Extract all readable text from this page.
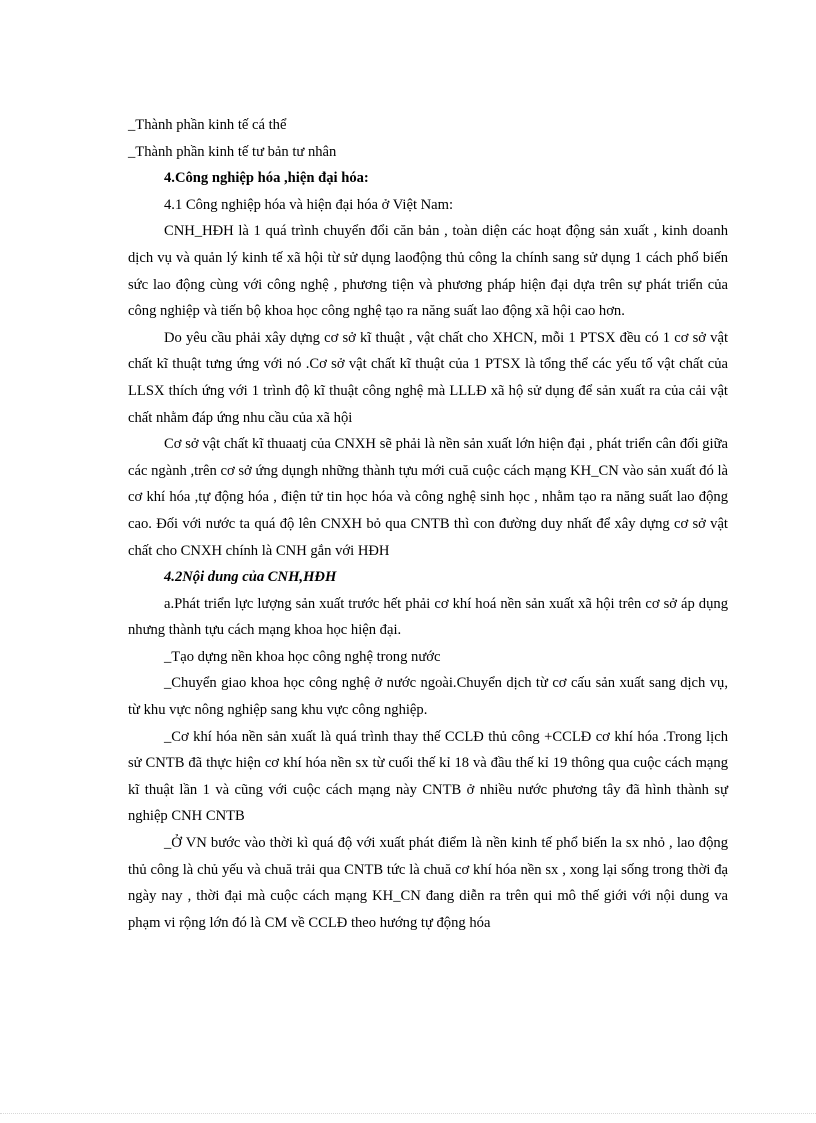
_Thành phần kinh tế cá thể

_Thành phần kinh tế tư bản tư nhân

4.Công nghiệp hóa ,hiện đại hóa:

4.1 Công nghiệp hóa và hiện đại hóa ở Việt Nam:

CNH_HĐH là 1 quá trình chuyển đổi căn bản , toàn diện các hoạt động sản xuất , kinh doanh dịch vụ và quản lý kinh tế xã hội từ sử dụng laođộng thủ công la chính sang sử dụng 1 cách phổ biến sức lao động cùng với công nghệ , phương tiện và phương pháp hiện đại dựa trên sự phát triển của công nghiệp và tiến bộ khoa học công nghệ tạo ra năng suất lao động xã hội cao hơn.

Do yêu cầu phải xây dựng cơ sở kĩ thuật , vật chất cho XHCN, mỗi 1 PTSX đều có 1 cơ sở vật chất kĩ thuật tưng ứng với nó .Cơ sở vật chất kĩ thuật của 1 PTSX là tổng thể các yếu tố vật chất của LLSX thích ứng với 1 trình độ kĩ thuật công nghệ mà LLLĐ xã hộ sử dụng để sản xuất ra của cải vật chất nhằm đáp ứng nhu cầu của xã hội

Cơ sở vật chất kĩ thuaatj của CNXH sẽ phải là nền sản xuất lớn hiện đại , phát triển cân đối giữa các ngành ,trên cơ sở ứng dụngh những thành tựu mới cuă cuộc cách mạng KH_CN vào sản xuất đó là cơ khí hóa ,tự động hóa , điện tử tin học hóa và công nghệ sinh học , nhằm tạo ra năng suất lao động cao. Đối với nước ta quá độ lên CNXH bỏ qua CNTB thì con đường duy nhất để xây dựng cơ sở vật chất cho CNXH chính là CNH gắn với HĐH

4.2Nội dung của CNH,HĐH

a.Phát triển lực lượng sản xuất trước hết phải cơ khí hoá nền sản xuất xã hội trên cơ sở áp dụng nhưng thành tựu cách mạng khoa học hiện đại.

_Tạo dựng nền khoa học công nghệ trong nước

_Chuyển giao khoa học công nghệ ở nước ngoài.Chuyển dịch từ cơ cấu sản xuất sang dịch vụ, từ khu vực nông nghiệp sang khu vực công nghiệp.

_Cơ khí hóa nền sản xuất là quá trình thay thế CCLĐ thủ công +CCLĐ cơ khí hóa .Trong lịch sử CNTB đã thực hiện cơ khí hóa nền sx từ cuối thế kỉ 18 và đầu thế kỉ 19 thông qua cuộc cách mạng kĩ thuật lần 1 và cũng với cuộc cách mạng này CNTB ở nhiều nước phương tây đã hình thành sự nghiệp CNH CNTB

_Ở VN bước vào thời kì quá độ với xuất phát điểm là nền kinh tế phổ biến la sx nhỏ , lao động thủ công là chủ yếu và chuă trải qua CNTB tức là chuă cơ khí hóa nền sx , xong lại sống trong thời đạ ngày nay , thời đại mà cuộc cách mạng KH_CN đang diễn ra trên qui mô thế giới với nội dung va phạm vi rộng lớn đó là CM về CCLĐ theo hướng tự động hóa
